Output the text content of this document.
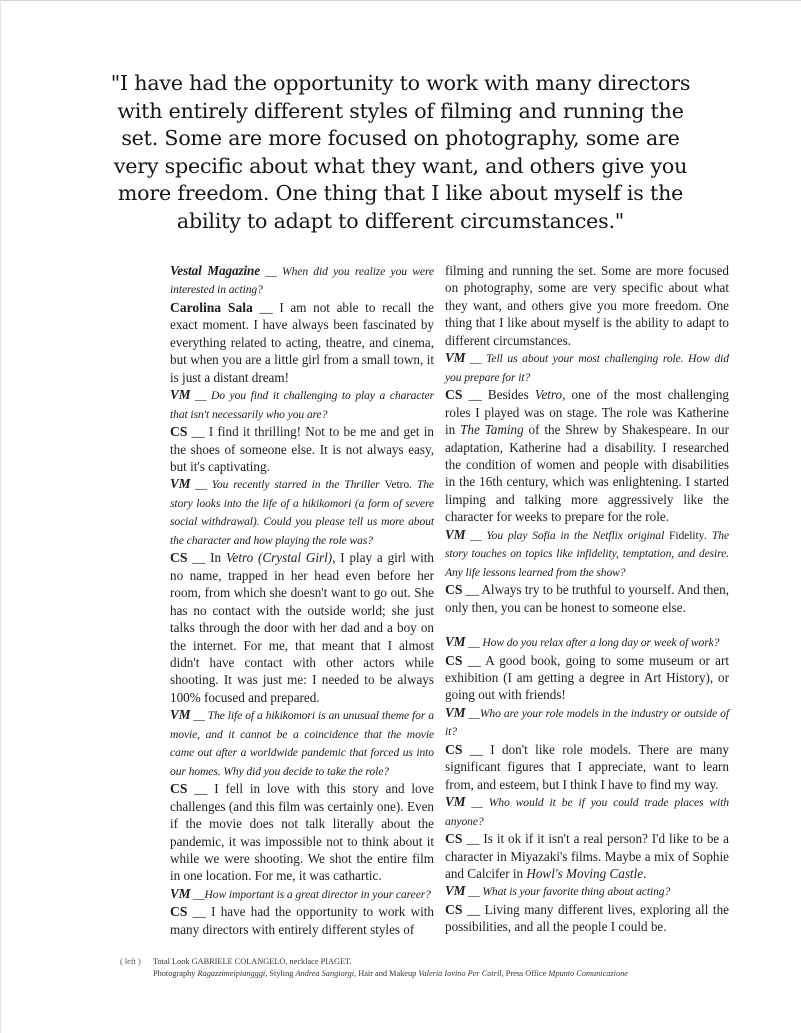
"I have had the opportunity to work with many directors with entirely different styles of filming and running the set. Some are more focused on photography, some are very specific about what they want, and others give you more freedom. One thing that I like about myself is the ability to adapt to different circumstances."

Vestal Magazine __ When did you realize you were interested in acting?

Carolina Sala __ I am not able to recall the exact moment. I have always been fascinated by everything related to acting, theatre, and cinema, but when you are a little girl from a small town, it is just a distant dream!

VM __ Do you find it challenging to play a character that isn't necessarily who you are?

CS __ I find it thrilling! Not to be me and get in the shoes of someone else. It is not always easy, but it's captivating.

VM __ You recently starred in the Thriller Vetro. The story looks into the life of a hikikomori (a form of severe social withdrawal). Could you please tell us more about the character and how playing the role was?

CS __ In Vetro (Crystal Girl), I play a girl with no name, trapped in her head even before her room, from which she doesn't want to go out. She has no contact with the outside world; she just talks through the door with her dad and a boy on the internet. For me, that meant that I almost didn't have contact with other actors while shooting. It was just me: I needed to be always 100% focused and prepared.

VM __ The life of a hikikomori is an unusual theme for a movie, and it cannot be a coincidence that the movie came out after a worldwide pandemic that forced us into our homes. Why did you decide to take the role?

CS __ I fell in love with this story and love challenges (and this film was certainly one). Even if the movie does not talk literally about the pandemic, it was impossible not to think about it while we were shooting. We shot the entire film in one location. For me, it was cathartic.

VM __How important is a great director in your career?

CS __ I have had the opportunity to work with many directors with entirely different styles of

filming and running the set. Some are more focused on photography, some are very specific about what they want, and others give you more freedom. One thing that I like about myself is the ability to adapt to different circumstances.

VM __ Tell us about your most challenging role. How did you prepare for it?

CS __ Besides Vetro, one of the most challenging roles I played was on stage. The role was Katherine in The Taming of the Shrew by Shakespeare. In our adaptation, Katherine had a disability. I researched the condition of women and people with disabilities in the 16th century, which was enlightening. I started limping and talking more aggressively like the character for weeks to prepare for the role.

VM __ You play Sofia in the Netflix original Fidelity. The story touches on topics like infidelity, temptation, and desire. Any life lessons learned from the show?

CS __ Always try to be truthful to yourself. And then, only then, you can be honest to someone else.

VM __ How do you relax after a long day or week of work?

CS __ A good book, going to some museum or art exhibition (I am getting a degree in Art History), or going out with friends!

VM __Who are your role models in the industry or outside of it?

CS __ I don't like role models. There are many significant figures that I appreciate, want to learn from, and esteem, but I think I have to find my way.

VM __ Who would it be if you could trade places with anyone?

CS __ Is it ok if it isn't a real person? I'd like to be a character in Miyazaki's films. Maybe a mix of Sophie and Calcifer in Howl's Moving Castle.

VM __ What is your favorite thing about acting?

CS __ Living many different lives, exploring all the possibilities, and all the people I could be.

( left ) Total Look GABRIELE COLANGELO, necklace PIAGET.
Photography Ragazzimeipiangggi, Styling Andrea Sangiorgi, Hair and Makeup Valeria Iovino Per Cotril, Press Office Mpunto Comunicazione
